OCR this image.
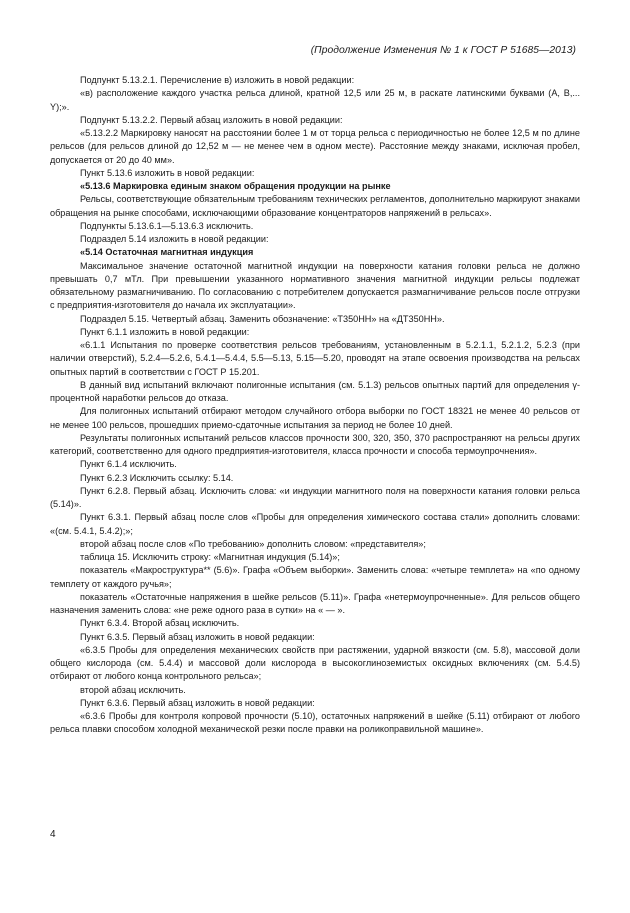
(Продолжение Изменения № 1 к ГОСТ Р 51685—2013)

Подпункт 5.13.2.1. Перечисление в) изложить в новой редакции:

«в) расположение каждого участка рельса длиной, кратной 12,5 или 25 м, в раскате латинскими буквами (А, В,... Y);».

Подпункт 5.13.2.2. Первый абзац изложить в новой редакции:

«5.13.2.2 Маркировку наносят на расстоянии более 1 м от торца рельса с периодичностью не более 12,5 м по длине рельсов (для рельсов длиной до 12,52 м — не менее чем в одном месте). Расстояние между знаками, исключая пробел, допускается от 20 до 40 мм».

Пункт 5.13.6 изложить в новой редакции:

«5.13.6 Маркировка единым знаком обращения продукции на рынке

Рельсы, соответствующие обязательным требованиям технических регламентов, дополнительно маркируют знаками обращения на рынке способами, исключающими образование концентраторов напряжений в рельсах».

Подпункты 5.13.6.1—5.13.6.3 исключить.

Подраздел 5.14 изложить в новой редакции:

«5.14 Остаточная магнитная индукция

Максимальное значение остаточной магнитной индукции на поверхности катания головки рельса не должно превышать 0,7 мТл. При превышении указанного нормативного значения магнитной индукции рельсы подлежат обязательному размагничиванию. По согласованию с потребителем допускается размагничивание рельсов после отгрузки с предприятия-изготовителя до начала их эксплуатации».

Подраздел 5.15. Четвертый абзац. Заменить обозначение: «Т350НН» на «ДТ350НН».

Пункт 6.1.1 изложить в новой редакции:

«6.1.1 Испытания по проверке соответствия рельсов требованиям, установленным в 5.2.1.1, 5.2.1.2, 5.2.3 (при наличии отверстий), 5.2.4—5.2.6, 5.4.1—5.4.4, 5.5—5.13, 5.15—5.20, проводят на этапе освоения производства на рельсах опытных партий в соответствии с ГОСТ Р 15.201.

В данный вид испытаний включают полигонные испытания (см. 5.1.3) рельсов опытных партий для определения γ-процентной наработки рельсов до отказа.

Для полигонных испытаний отбирают методом случайного отбора выборки по ГОСТ 18321 не менее 40 рельсов от не менее 100 рельсов, прошедших приемо-сдаточные испытания за период не более 10 дней.

Результаты полигонных испытаний рельсов классов прочности 300, 320, 350, 370 распространяют на рельсы других категорий, соответственно для одного предприятия-изготовителя, класса прочности и способа термоупрочнения».

Пункт 6.1.4 исключить.

Пункт 6.2.3 Исключить ссылку: 5.14.

Пункт 6.2.8. Первый абзац. Исключить слова: «и индукции магнитного поля на поверхности катания головки рельса (5.14)».

Пункт 6.3.1. Первый абзац после слов «Пробы для определения химического состава стали» дополнить словами: «(см. 5.4.1, 5.4.2);»;

второй абзац после слов «По требованию» дополнить словом: «представителя»;

таблица 15. Исключить строку: «Магнитная индукция (5.14)»;

показатель «Макроструктура** (5.6)». Графа «Объем выборки». Заменить слова: «четыре темплета» на «по одному темплету от каждого ручья»;

показатель «Остаточные напряжения в шейке рельсов (5.11)». Графа «нетермоупрочненные». Для рельсов общего назначения заменить слова: «не реже одного раза в сутки» на « — ».

Пункт 6.3.4. Второй абзац исключить.

Пункт 6.3.5. Первый абзац изложить в новой редакции:

«6.3.5 Пробы для определения механических свойств при растяжении, ударной вязкости (см. 5.8), массовой доли общего кислорода (см. 5.4.4) и массовой доли кислорода в высокоглиноземистых оксидных включениях (см. 5.4.5) отбирают от любого конца контрольного рельса»;

второй абзац исключить.

Пункт 6.3.6. Первый абзац изложить в новой редакции:

«6.3.6 Пробы для контроля копровой прочности (5.10), остаточных напряжений в шейке (5.11) отбирают от любого рельса плавки способом холодной механической резки после правки на роликоправильной машине».

4
